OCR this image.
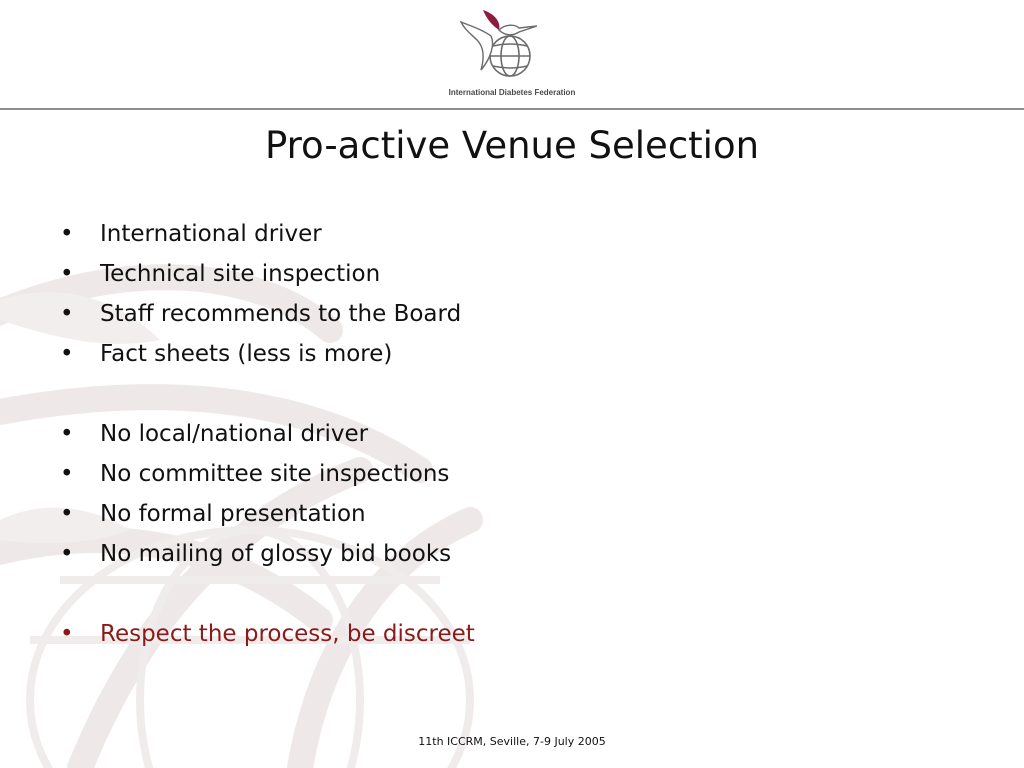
International Diabetes Federation
Pro-active Venue Selection
• International driver
• Technical site inspection
• Staff recommends to the Board
• Fact sheets (less is more)
• No local/national driver
• No committee site inspections
• No formal presentation
• No mailing of glossy bid books
• Respect the process, be discreet
11th ICCRM, Seville, 7-9 July 2005
